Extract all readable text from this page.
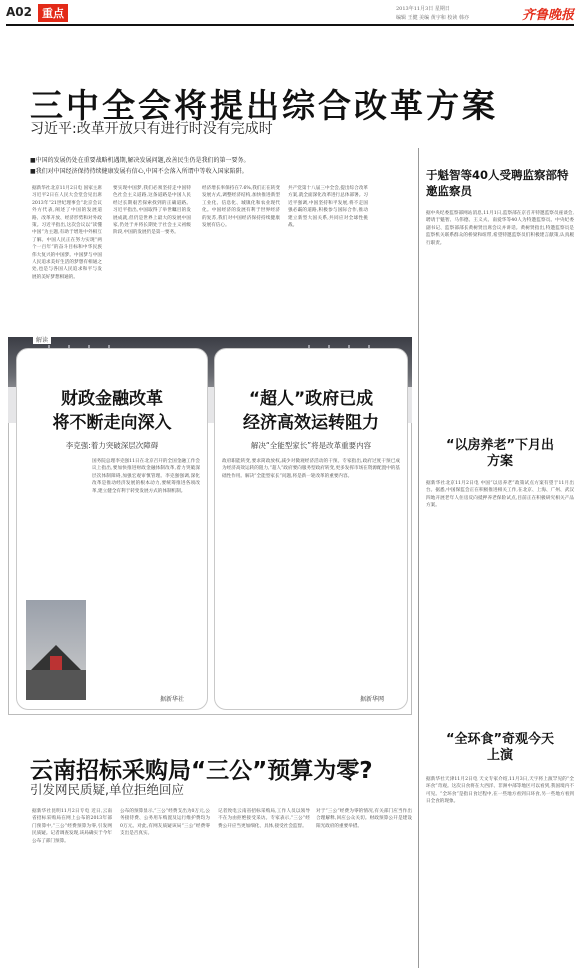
A02 重点	2013年11月3日 星期日
编辑 王健 美编 黄宇和 校读 韩亦	齐鲁晚报
三中全会将提出综合改革方案
习近平:改革开放只有进行时没有完成时
■中国的发展仍处在重要战略机遇期,解决发展问题,改善民生仍是我们的第一要务。
■我们对中国经济保持持续健康发展有信心,中国不会落入所谓中等收入国家陷阱。
据新华社北京11月2日电 国家主席习近平2日在人民大会堂会见出席2013年“21世纪理事会”北京会议外方代表,阐述了中国的发展道路、改革开放、经济形势和对外政策。习近平指出,这次会议以“读懂中国”为主题,有助于增进中外相互了解。中国人民正在努力实现“两个一百年”的奋斗目标和中华民族伟大复兴的中国梦。中国梦与中国人民追求美好生活的梦想有相通之处,也是与各国人民追求和平与发展的美好梦想相通的。
要实现中国梦,我们必须坚持走中国特色社会主义道路,这条道路是中国人民经过长期艰苦探索找到的正确道路。习近平指出,中国取得了举世瞩目的发展成就,但仍是世界上最大的发展中国家,仍处于并将长期处于社会主义初级阶段,中国的发展仍是第一要务。
经济增长率保持在7.6%,我们正在转变发展方式,调整经济结构,加快推进新型工业化、信息化、城镇化和农业现代化。中国经济的发展有利于世界经济的复苏,我们对中国经济保持持续健康发展有信心。
共产党第十八届三中全会,提出综合改革方案,就全面深化改革进行总体部署。习近平强调,中国坚持和平发展,将不走国强必霸的道路,积极参与国际合作,推动建立新型大国关系,共同应对全球性挑战。
于魁智等40人受聘监察部特邀监察员
据中央纪委监察部网站消息,11月1日,监察部在京召开特邀监察员座谈会,聘请于魁智、马伟德、王义夫、南爱华等40人为特邀监察员。中央纪委副书记、监察部部长黄树贤出席会议并讲话。黄树贤指出,特邀监察员是监察机关联系群众的桥梁和纽带,希望特邀监察员们积极建言献策,认真履行职责。
“以房养老”下月出方案
据新华社北京11月2日电 中国“以房养老”政策试点方案有望于11月出台。据悉,中国保监会正在积极推进相关工作,在北京、上海、广州、武汉四地开展老年人住房反向抵押养老保险试点,目前正在积极研究相关产品方案。
“全环食”奇观今天上演
据新华社天津11月2日电 天文专家介绍,11月3日,天宇将上演罕见的“全环食”奇观。这次日食将在大西洋、非洲中部等地区可以看到,我国境内不可见。“全环食”是指日食过程中,在一些地方看到日环食,另一些地方看到日全食的现象。
解读
财政金融改革
将不断走向深入
李克强:着力突破深层次障碍
国务院总理李克强11日在北京召开的全国金融工作会议上指出,要加快推进财政金融体制改革,着力突破深层次体制障碍,加强宏观审慎管理。李克强强调,深化改革是推动经济发展的根本动力,要统筹推进各项改革,建立健全有利于转变发展方式的体制机制。
据新华社
“超人”政府已成
经济高效运转阻力
解决“全能型家长”将是改革重要内容
政府职能转变,要求简政放权,减少对微观经济活动的干预。专家指出,政府过度干预已成为经济高效运转的阻力,“超人”政府要向服务型政府转变,更多发挥市场在资源配置中的基础性作用。解决“全能型家长”问题,将是新一轮改革的重要内容。
据新华网
云南招标采购局“三公”预算为零?
引发网民质疑,单位拒绝回应
据新华社昆明11月2日专电 近日,云南省招标采购局在网上公布的2013年部门预算中,“三公”经费预算为零,引发网民质疑。记者调查发现,该局确实于今年公布了部门预算。
公布的预算显示,“三公”经费支出为0万元,公务接待费、公务用车购置及运行维护费均为0万元。对此,有网友质疑该局“三公”经费零支出是否真实。
记者致电云南省招标采购局,工作人员以领导不在为由拒绝接受采访。专家表示,“三公”经费公开应当更加细化、具体,接受社会监督。
对于“三公”经费为零的情况,有关部门应当作出合理解释,回应公众关切。财政预算公开是建设阳光政府的重要举措。
